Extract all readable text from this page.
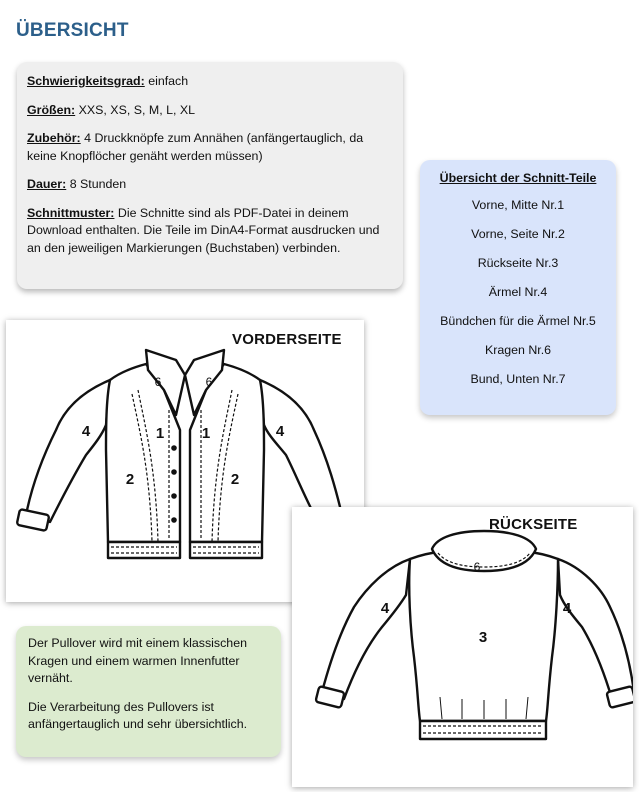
ÜBERSICHT

Schwierigkeitsgrad: einfach

Größen: XXS, XS, S, M, L, XL

Zubehör: 4 Druckknöpfe zum Annähen (anfängertauglich, da keine Knopflöcher genäht werden müssen)

Dauer: 8 Stunden

Schnittmuster: Die Schnitte sind als PDF-Datei in deinem Download enthalten. Die Teile im DinA4-Format ausdrucken und an den jeweiligen Markierungen (Buchstaben) verbinden.

Übersicht der Schnitt-Teile
Vorne, Mitte Nr.1
Vorne, Seite Nr.2
Rückseite Nr.3
Ärmel Nr.4
Bündchen für die Ärmel Nr.5
Kragen Nr.6
Bund, Unten Nr.7
VORDERSEITE
4	4
1	1
2	2
6	6
RÜCKSEITE
4	4
3
6

Der Pullover wird mit einem klassischen Kragen und einem warmen Innenfutter vernäht.

Die Verarbeitung des Pullovers ist anfängertauglich und sehr übersichtlich.
